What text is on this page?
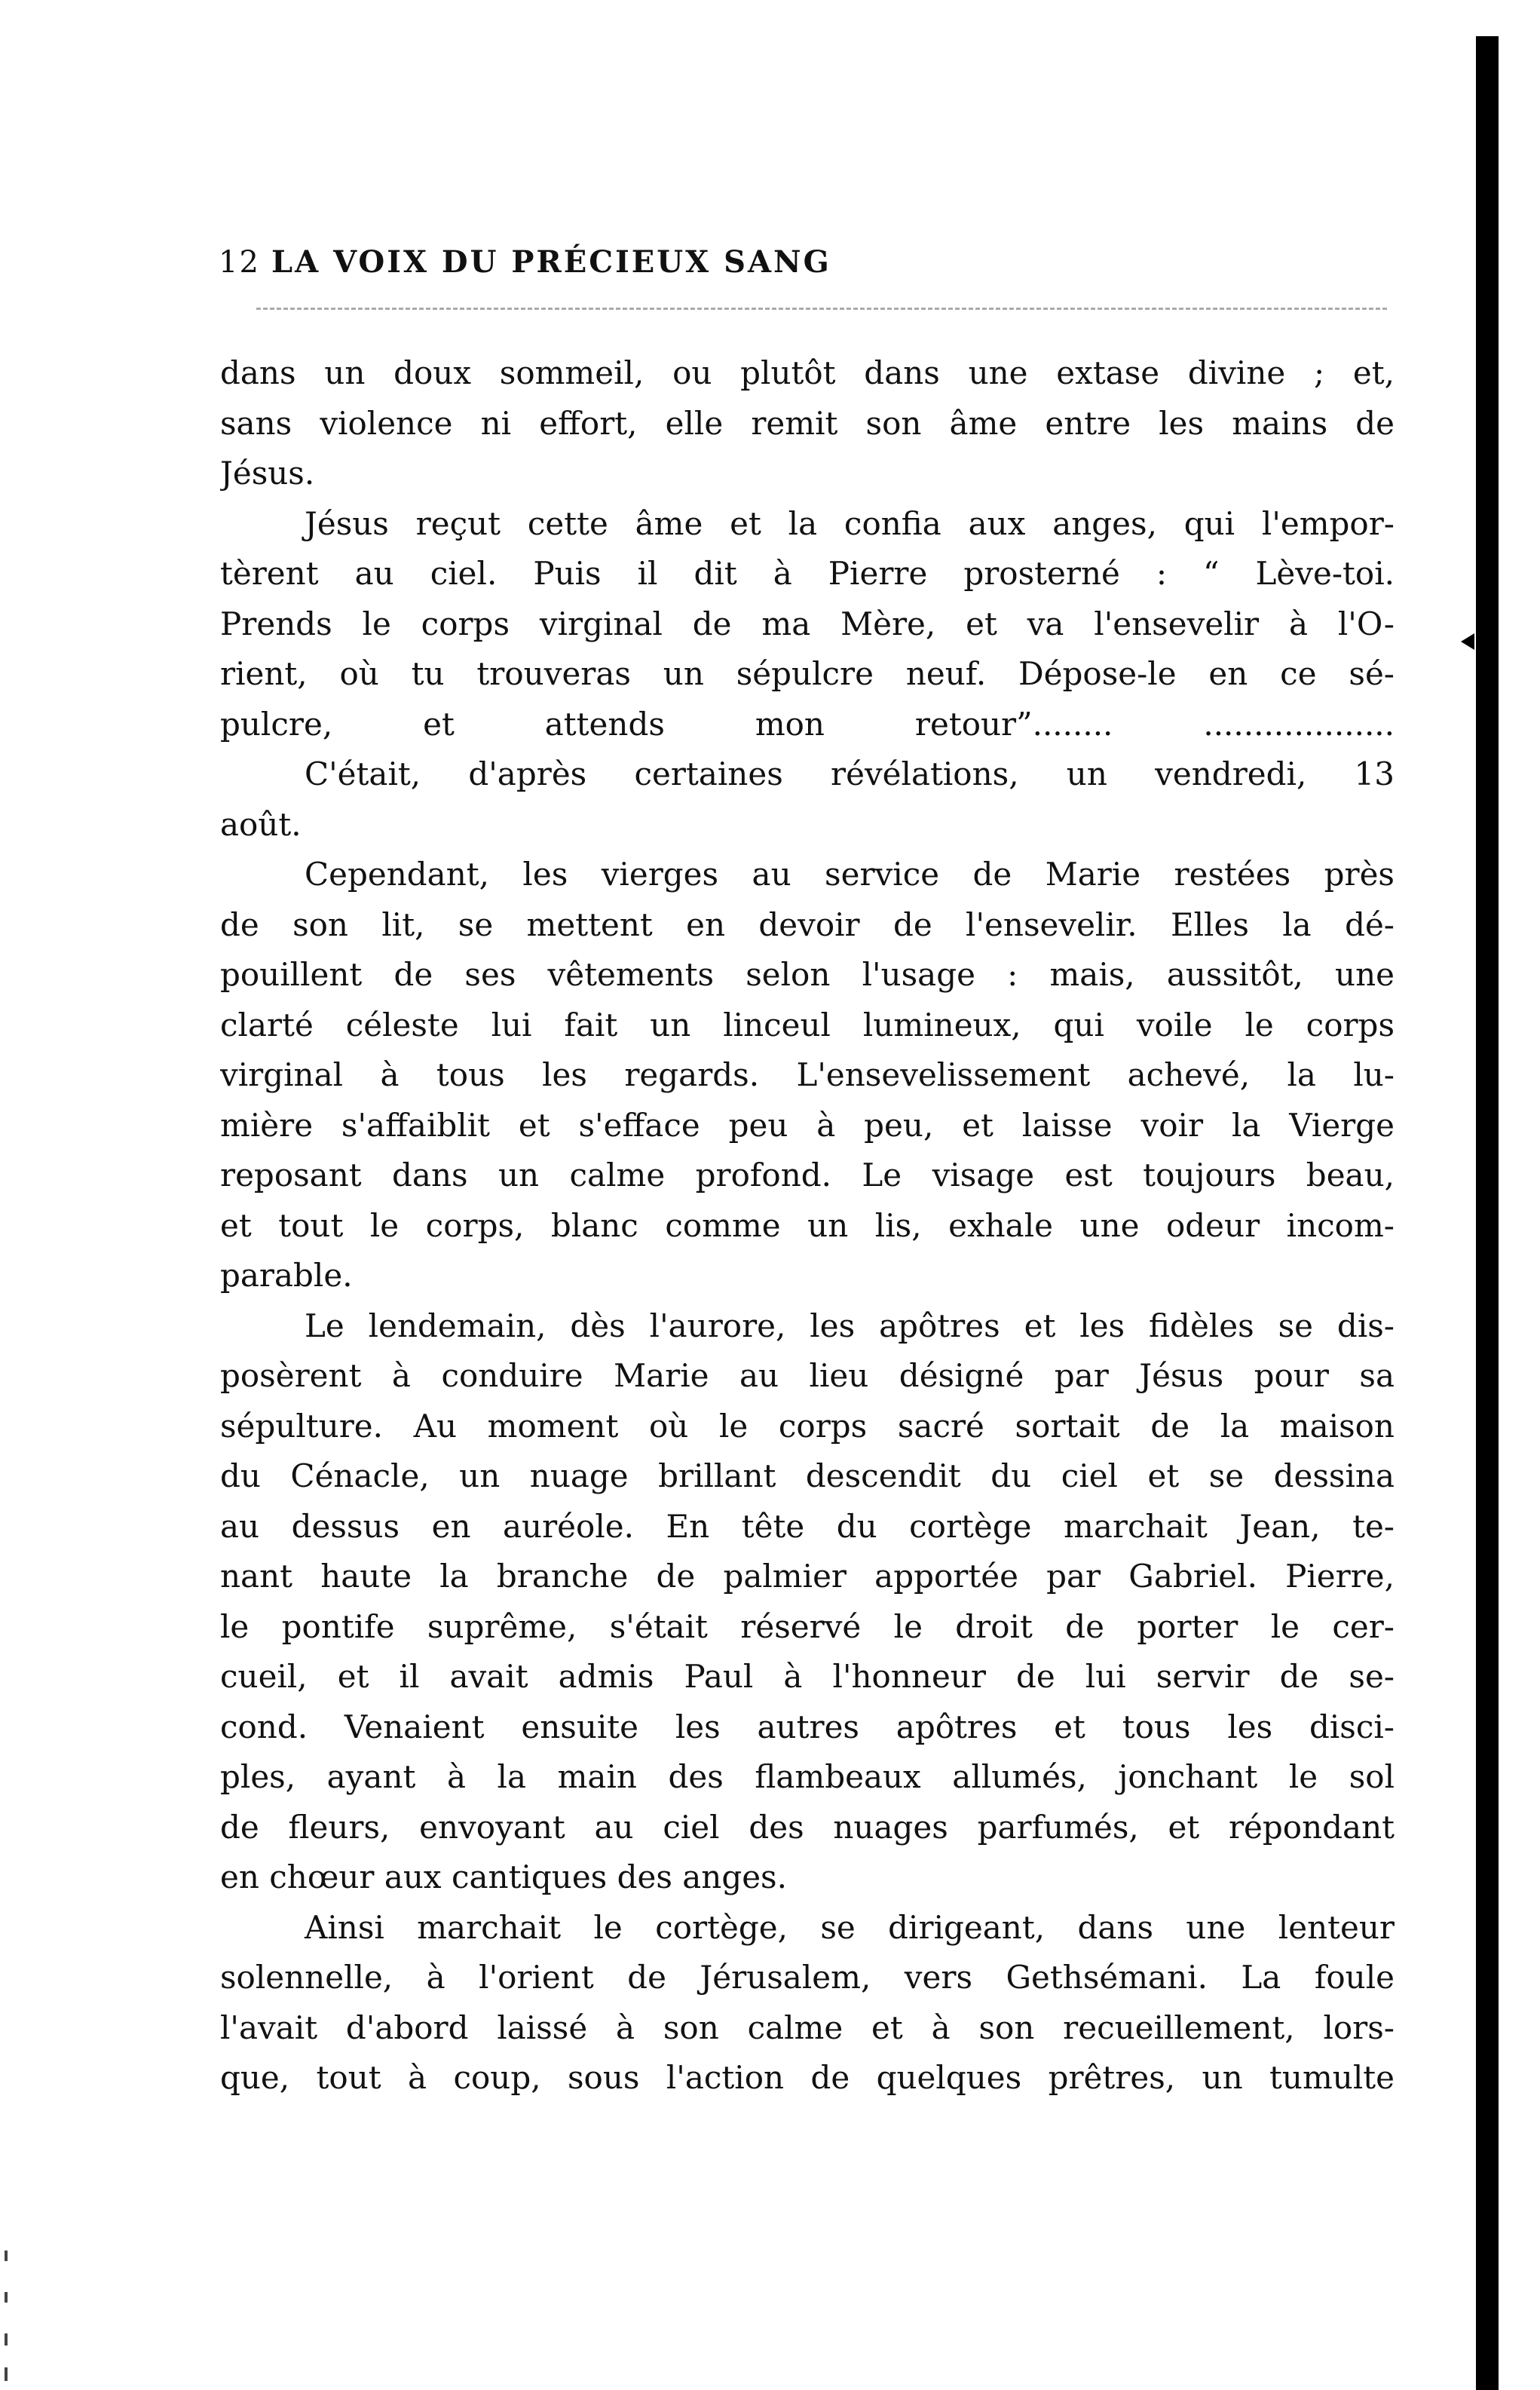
12 LA VOIX DU PRÉCIEUX SANG
dans un doux sommeil, ou plutôt dans une extase divine ; et,
sans violence ni effort, elle remit son âme entre les mains de
Jésus.
Jésus reçut cette âme et la confia aux anges, qui l'empor-
tèrent au ciel. Puis il dit à Pierre prosterné : “ Lève-toi.
Prends le corps virginal de ma Mère, et va l'ensevelir à l'O-
rient, où tu trouveras un sépulcre neuf. Dépose-le en ce sé-
pulcre, et attends mon retour”........ ...................
C'était, d'après certaines révélations, un vendredi, 13
août.
Cependant, les vierges au service de Marie restées près
de son lit, se mettent en devoir de l'ensevelir. Elles la dé-
pouillent de ses vêtements selon l'usage : mais, aussitôt, une
clarté céleste lui fait un linceul lumineux, qui voile le corps
virginal à tous les regards. L'ensevelissement achevé, la lu-
mière s'affaiblit et s'efface peu à peu, et laisse voir la Vierge
reposant dans un calme profond. Le visage est toujours beau,
et tout le corps, blanc comme un lis, exhale une odeur incom-
parable.
Le lendemain, dès l'aurore, les apôtres et les fidèles se dis-
posèrent à conduire Marie au lieu désigné par Jésus pour sa
sépulture. Au moment où le corps sacré sortait de la maison
du Cénacle, un nuage brillant descendit du ciel et se dessina
au dessus en auréole. En tête du cortège marchait Jean, te-
nant haute la branche de palmier apportée par Gabriel. Pierre,
le pontife suprême, s'était réservé le droit de porter le cer-
cueil, et il avait admis Paul à l'honneur de lui servir de se-
cond. Venaient ensuite les autres apôtres et tous les disci-
ples, ayant à la main des flambeaux allumés, jonchant le sol
de fleurs, envoyant au ciel des nuages parfumés, et répondant
en chœur aux cantiques des anges.
Ainsi marchait le cortège, se dirigeant, dans une lenteur
solennelle, à l'orient de Jérusalem, vers Gethsémani. La foule
l'avait d'abord laissé à son calme et à son recueillement, lors-
que, tout à coup, sous l'action de quelques prêtres, un tumulte
